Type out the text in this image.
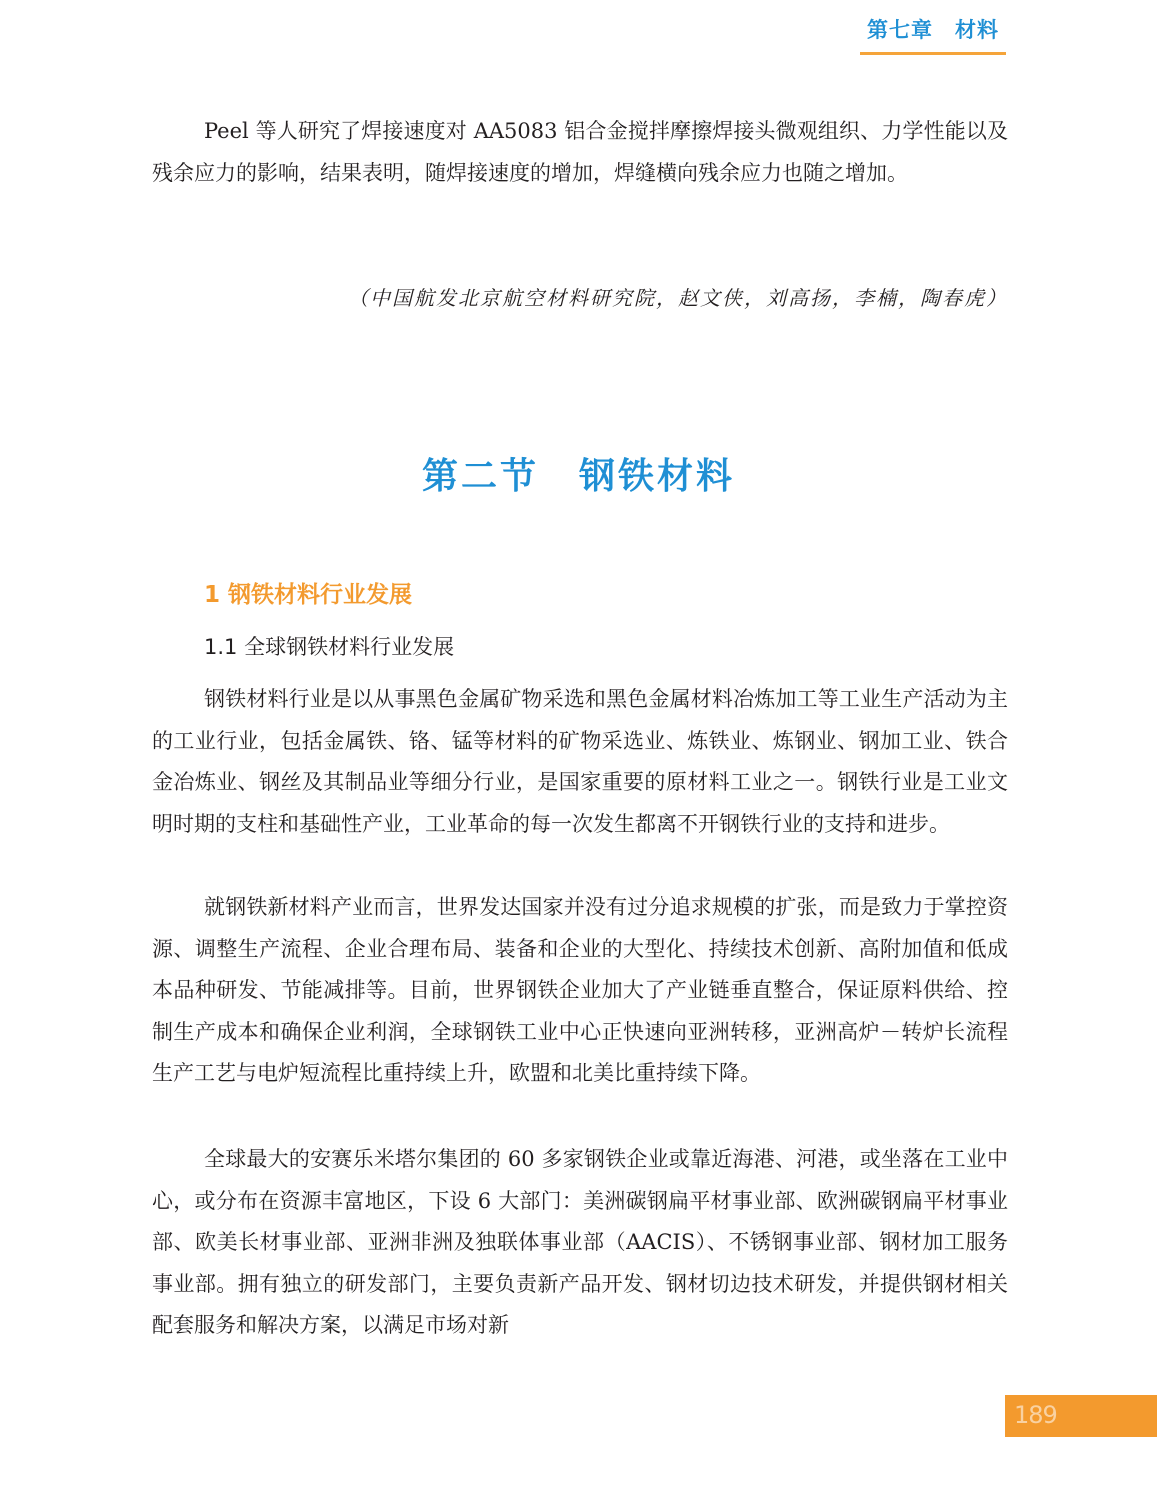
第七章 材料

Peel 等人研究了焊接速度对 AA5083 铝合金搅拌摩擦焊接头微观组织、力学性能以及残余应力的影响，结果表明，随焊接速度的增加，焊缝横向残余应力也随之增加。

（中国航发北京航空材料研究院，赵文侠，刘高扬，李楠，陶春虎）

第二节 钢铁材料
1 钢铁材料行业发展
1.1 全球钢铁材料行业发展

钢铁材料行业是以从事黑色金属矿物采选和黑色金属材料冶炼加工等工业生产活动为主的工业行业，包括金属铁、铬、锰等材料的矿物采选业、炼铁业、炼钢业、钢加工业、铁合金冶炼业、钢丝及其制品业等细分行业，是国家重要的原材料工业之一。钢铁行业是工业文明时期的支柱和基础性产业，工业革命的每一次发生都离不开钢铁行业的支持和进步。

就钢铁新材料产业而言，世界发达国家并没有过分追求规模的扩张，而是致力于掌控资源、调整生产流程、企业合理布局、装备和企业的大型化、持续技术创新、高附加值和低成本品种研发、节能减排等。目前，世界钢铁企业加大了产业链垂直整合，保证原料供给、控制生产成本和确保企业利润，全球钢铁工业中心正快速向亚洲转移，亚洲高炉－转炉长流程生产工艺与电炉短流程比重持续上升，欧盟和北美比重持续下降。

全球最大的安赛乐米塔尔集团的 60 多家钢铁企业或靠近海港、河港，或坐落在工业中心，或分布在资源丰富地区，下设 6 大部门：美洲碳钢扁平材事业部、欧洲碳钢扁平材事业部、欧美长材事业部、亚洲非洲及独联体事业部（AACIS）、不锈钢事业部、钢材加工服务事业部。拥有独立的研发部门，主要负责新产品开发、钢材切边技术研发，并提供钢材相关配套服务和解决方案，以满足市场对新

189
